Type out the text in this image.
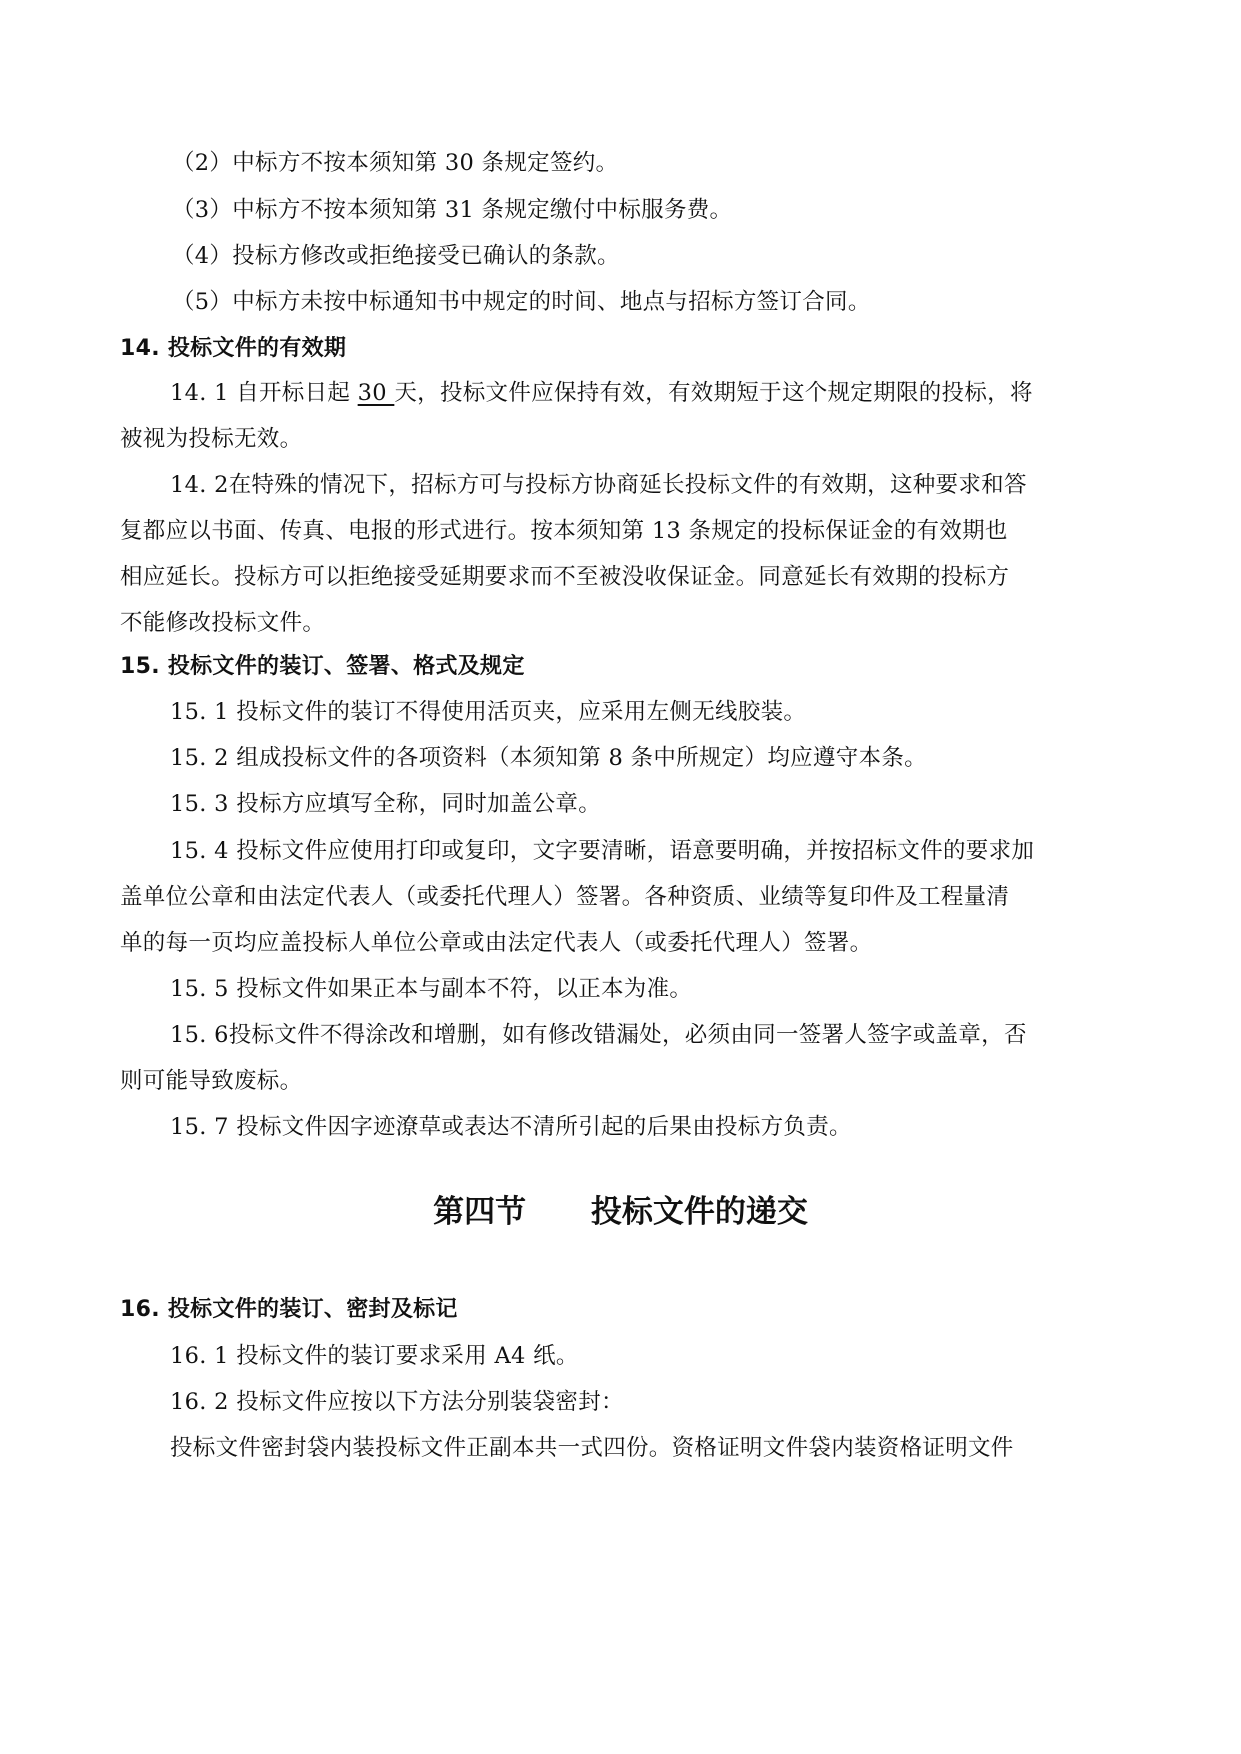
（2）中标方不按本须知第 30 条规定签约。
（3）中标方不按本须知第 31 条规定缴付中标服务费。
（4）投标方修改或拒绝接受已确认的条款。
（5）中标方未按中标通知书中规定的时间、地点与招标方签订合同。
14. 投标文件的有效期
14. 1 自开标日起 30 天，投标文件应保持有效，有效期短于这个规定期限的投标，将
被视为投标无效。
14. 2在特殊的情况下，招标方可与投标方协商延长投标文件的有效期，这种要求和答
复都应以书面、传真、电报的形式进行。按本须知第 13 条规定的投标保证金的有效期也
相应延长。投标方可以拒绝接受延期要求而不至被没收保证金。同意延长有效期的投标方
不能修改投标文件。
15. 投标文件的装订、签署、格式及规定
15. 1 投标文件的装订不得使用活页夹，应采用左侧无线胶装。
15. 2 组成投标文件的各项资料（本须知第 8 条中所规定）均应遵守本条。
15. 3 投标方应填写全称，同时加盖公章。
15. 4 投标文件应使用打印或复印，文字要清晰，语意要明确，并按招标文件的要求加
盖单位公章和由法定代表人（或委托代理人）签署。各种资质、业绩等复印件及工程量清
单的每一页均应盖投标人单位公章或由法定代表人（或委托代理人）签署。
15. 5 投标文件如果正本与副本不符，以正本为准。
15. 6投标文件不得涂改和增删，如有修改错漏处，必须由同一签署人签字或盖章，否
则可能导致废标。
15. 7 投标文件因字迹潦草或表达不清所引起的后果由投标方负责。
第四节      投标文件的递交
16. 投标文件的装订、密封及标记
16. 1 投标文件的装订要求采用 A4 纸。
16. 2 投标文件应按以下方法分别装袋密封：
投标文件密封袋内装投标文件正副本共一式四份。资格证明文件袋内装资格证明文件
